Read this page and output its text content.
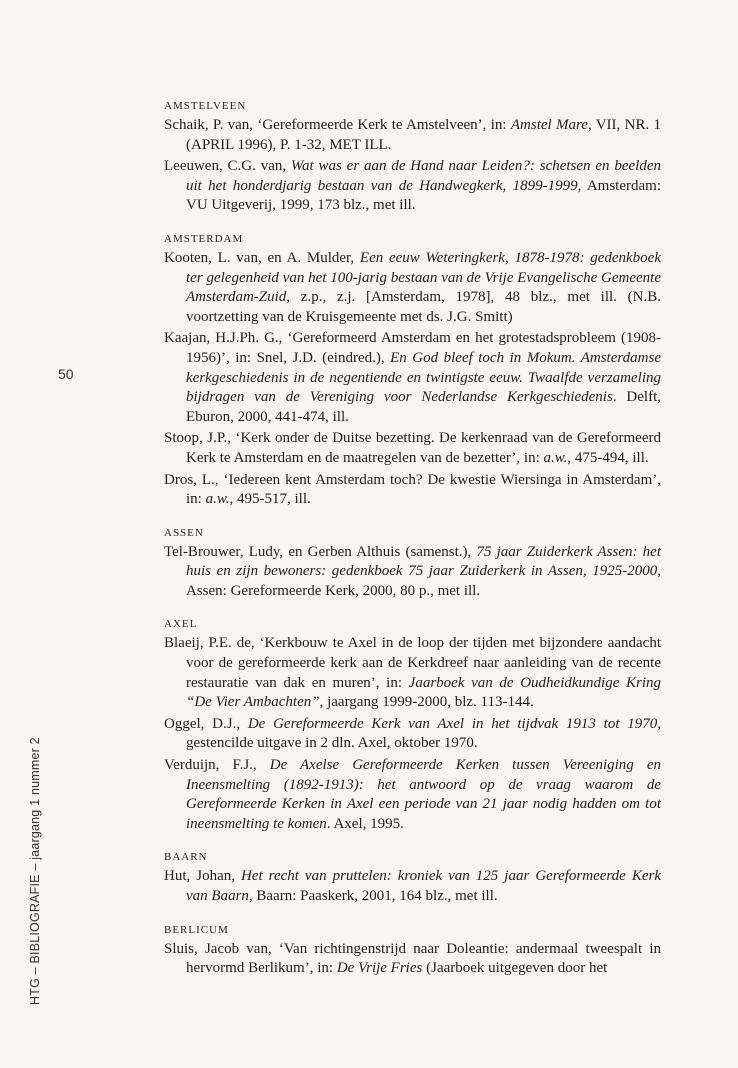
50
HTG – BIBLIOGRAFIE – jaargang 1 nummer 2
AMSTELVEEN

Schaik, P. van, ‘Gereformeerde Kerk te Amstelveen’, in: Amstel Mare, VII, NR. 1 (APRIL 1996), P. 1-32, MET ILL.

Leeuwen, C.G. van, Wat was er aan de Hand naar Leiden?: schetsen en beelden uit het honderdjarig bestaan van de Handwegkerk, 1899-1999, Amsterdam: VU Uitgeverij, 1999, 173 blz., met ill.

AMSTERDAM

Kooten, L. van, en A. Mulder, Een eeuw Weteringkerk, 1878-1978: gedenkboek ter gelegenheid van het 100-jarig bestaan van de Vrije Evangelische Gemeente Amsterdam-Zuid, z.p., z.j. [Amsterdam, 1978], 48 blz., met ill. (N.B. voortzetting van de Kruisgemeente met ds. J.G. Smitt)

Kaajan, H.J.Ph. G., ‘Gereformeerd Amsterdam en het grotestadsprobleem (1908-1956)’, in: Snel, J.D. (eindred.), En God bleef toch in Mokum. Amsterdamse kerkgeschiedenis in de negentiende en twintigste eeuw. Twaalfde verzameling bijdragen van de Vereniging voor Nederlandse Kerkgeschiedenis. Delft, Eburon, 2000, 441-474, ill.

Stoop, J.P., ‘Kerk onder de Duitse bezetting. De kerkenraad van de Gereformeerd Kerk te Amsterdam en de maatregelen van de bezetter’, in: a.w., 475-494, ill.

Dros, L., ‘Iedereen kent Amsterdam toch? De kwestie Wiersinga in Amsterdam’, in: a.w., 495-517, ill.

ASSEN

Tel-Brouwer, Ludy, en Gerben Althuis (samenst.), 75 jaar Zuiderkerk Assen: het huis en zijn bewoners: gedenkboek 75 jaar Zuiderkerk in Assen, 1925-2000, Assen: Gereformeerde Kerk, 2000, 80 p., met ill.

AXEL

Blaeij, P.E. de, ‘Kerkbouw te Axel in de loop der tijden met bijzondere aandacht voor de gereformeerde kerk aan de Kerkdreef naar aanleiding van de recente restauratie van dak en muren’, in: Jaarboek van de Oudheidkundige Kring “De Vier Ambachten”, jaargang 1999-2000, blz. 113-144.

Oggel, D.J., De Gereformeerde Kerk van Axel in het tijdvak 1913 tot 1970, gestencilde uitgave in 2 dln. Axel, oktober 1970.

Verduijn, F.J., De Axelse Gereformeerde Kerken tussen Vereeniging en Ineensmelting (1892-1913): het antwoord op de vraag waarom de Gereformeerde Kerken in Axel een periode van 21 jaar nodig hadden om tot ineensmelting te komen. Axel, 1995.

BAARN

Hut, Johan, Het recht van pruttelen: kroniek van 125 jaar Gereformeerde Kerk van Baarn, Baarn: Paaskerk, 2001, 164 blz., met ill.

BERLICUM

Sluis, Jacob van, ‘Van richtingenstrijd naar Doleantie: andermaal tweespalt in hervormd Berlikum’, in: De Vrije Fries (Jaarboek uitgegeven door het
